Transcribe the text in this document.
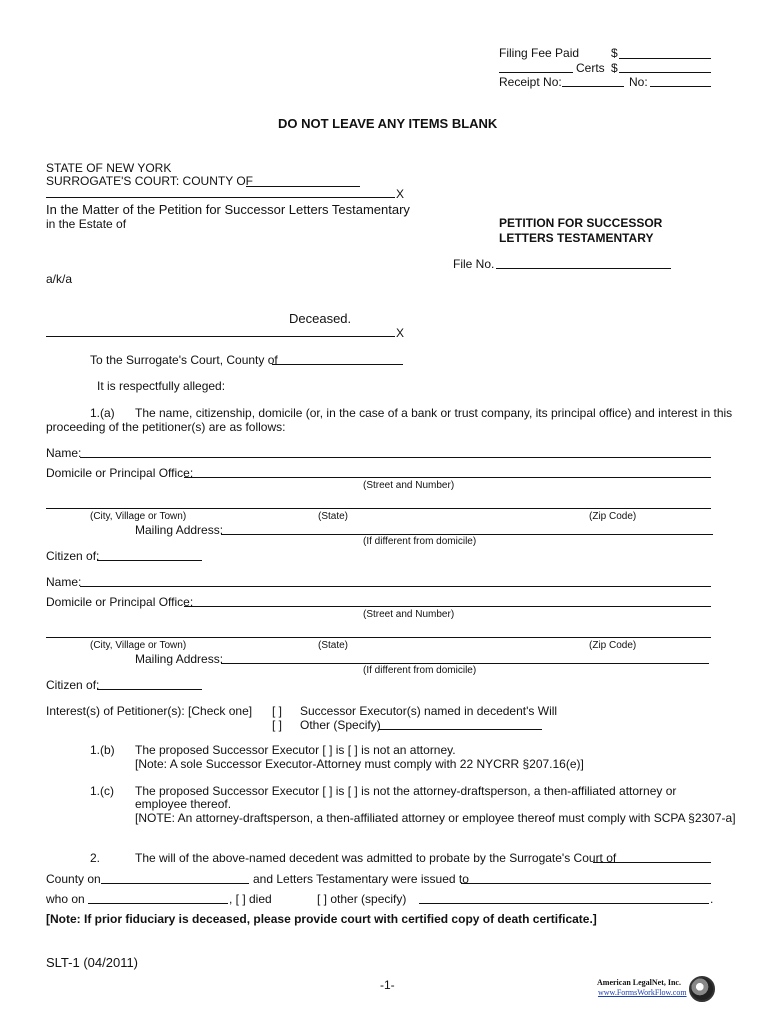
Filing Fee Paid	$
Certs $
Receipt No:	No:
DO NOT LEAVE ANY ITEMS BLANK
STATE OF NEW YORK
SURROGATE'S COURT: COUNTY OF
X
In the Matter of the Petition for Successor Letters Testamentary
in the Estate of	PETITION FOR SUCCESSOR
LETTERS TESTAMENTARY
File No.
a/k/a
Deceased.
X
To the Surrogate's Court, County of
It is respectfully alleged:
1.(a) The name, citizenship, domicile (or, in the case of a bank or trust company, its principal office) and interest in this
proceeding of the petitioner(s) are as follows:
Name:
Domicile or Principal Office:
(Street and Number)
(City, Village or Town)	(State)	(Zip Code)
Mailing Address:
(If different from domicile)
Citizen of:
Name:
Domicile or Principal Office:
(Street and Number)
(City, Village or Town)	(State)	(Zip Code)
Mailing Address:
(If different from domicile)
Citizen of:
Interest(s) of Petitioner(s): [Check one] [ ] Successor Executor(s) named in decedent's Will
[ ] Other (Specify)
1.(b) The proposed Successor Executor [ ] is [ ] is not an attorney.
[Note: A sole Successor Executor-Attorney must comply with 22 NYCRR §207.16(e)]
1.(c) The proposed Successor Executor [ ] is [ ] is not the attorney-draftsperson, a then-affiliated attorney or
employee thereof.
[NOTE: An attorney-draftsperson, a then-affiliated attorney or employee thereof must comply with SCPA §2307-a]
2.	The will of the above-named decedent was admitted to probate by the Surrogate's Court of
County on	and Letters Testamentary were issued to
who on	, [ ] died	[ ] other (specify)	.
[Note: If prior fiduciary is deceased, please provide court with certified copy of death certificate.]
SLT-1 (04/2011)
-1-	American LegalNet, Inc.
www.FormsWorkFlow.com
